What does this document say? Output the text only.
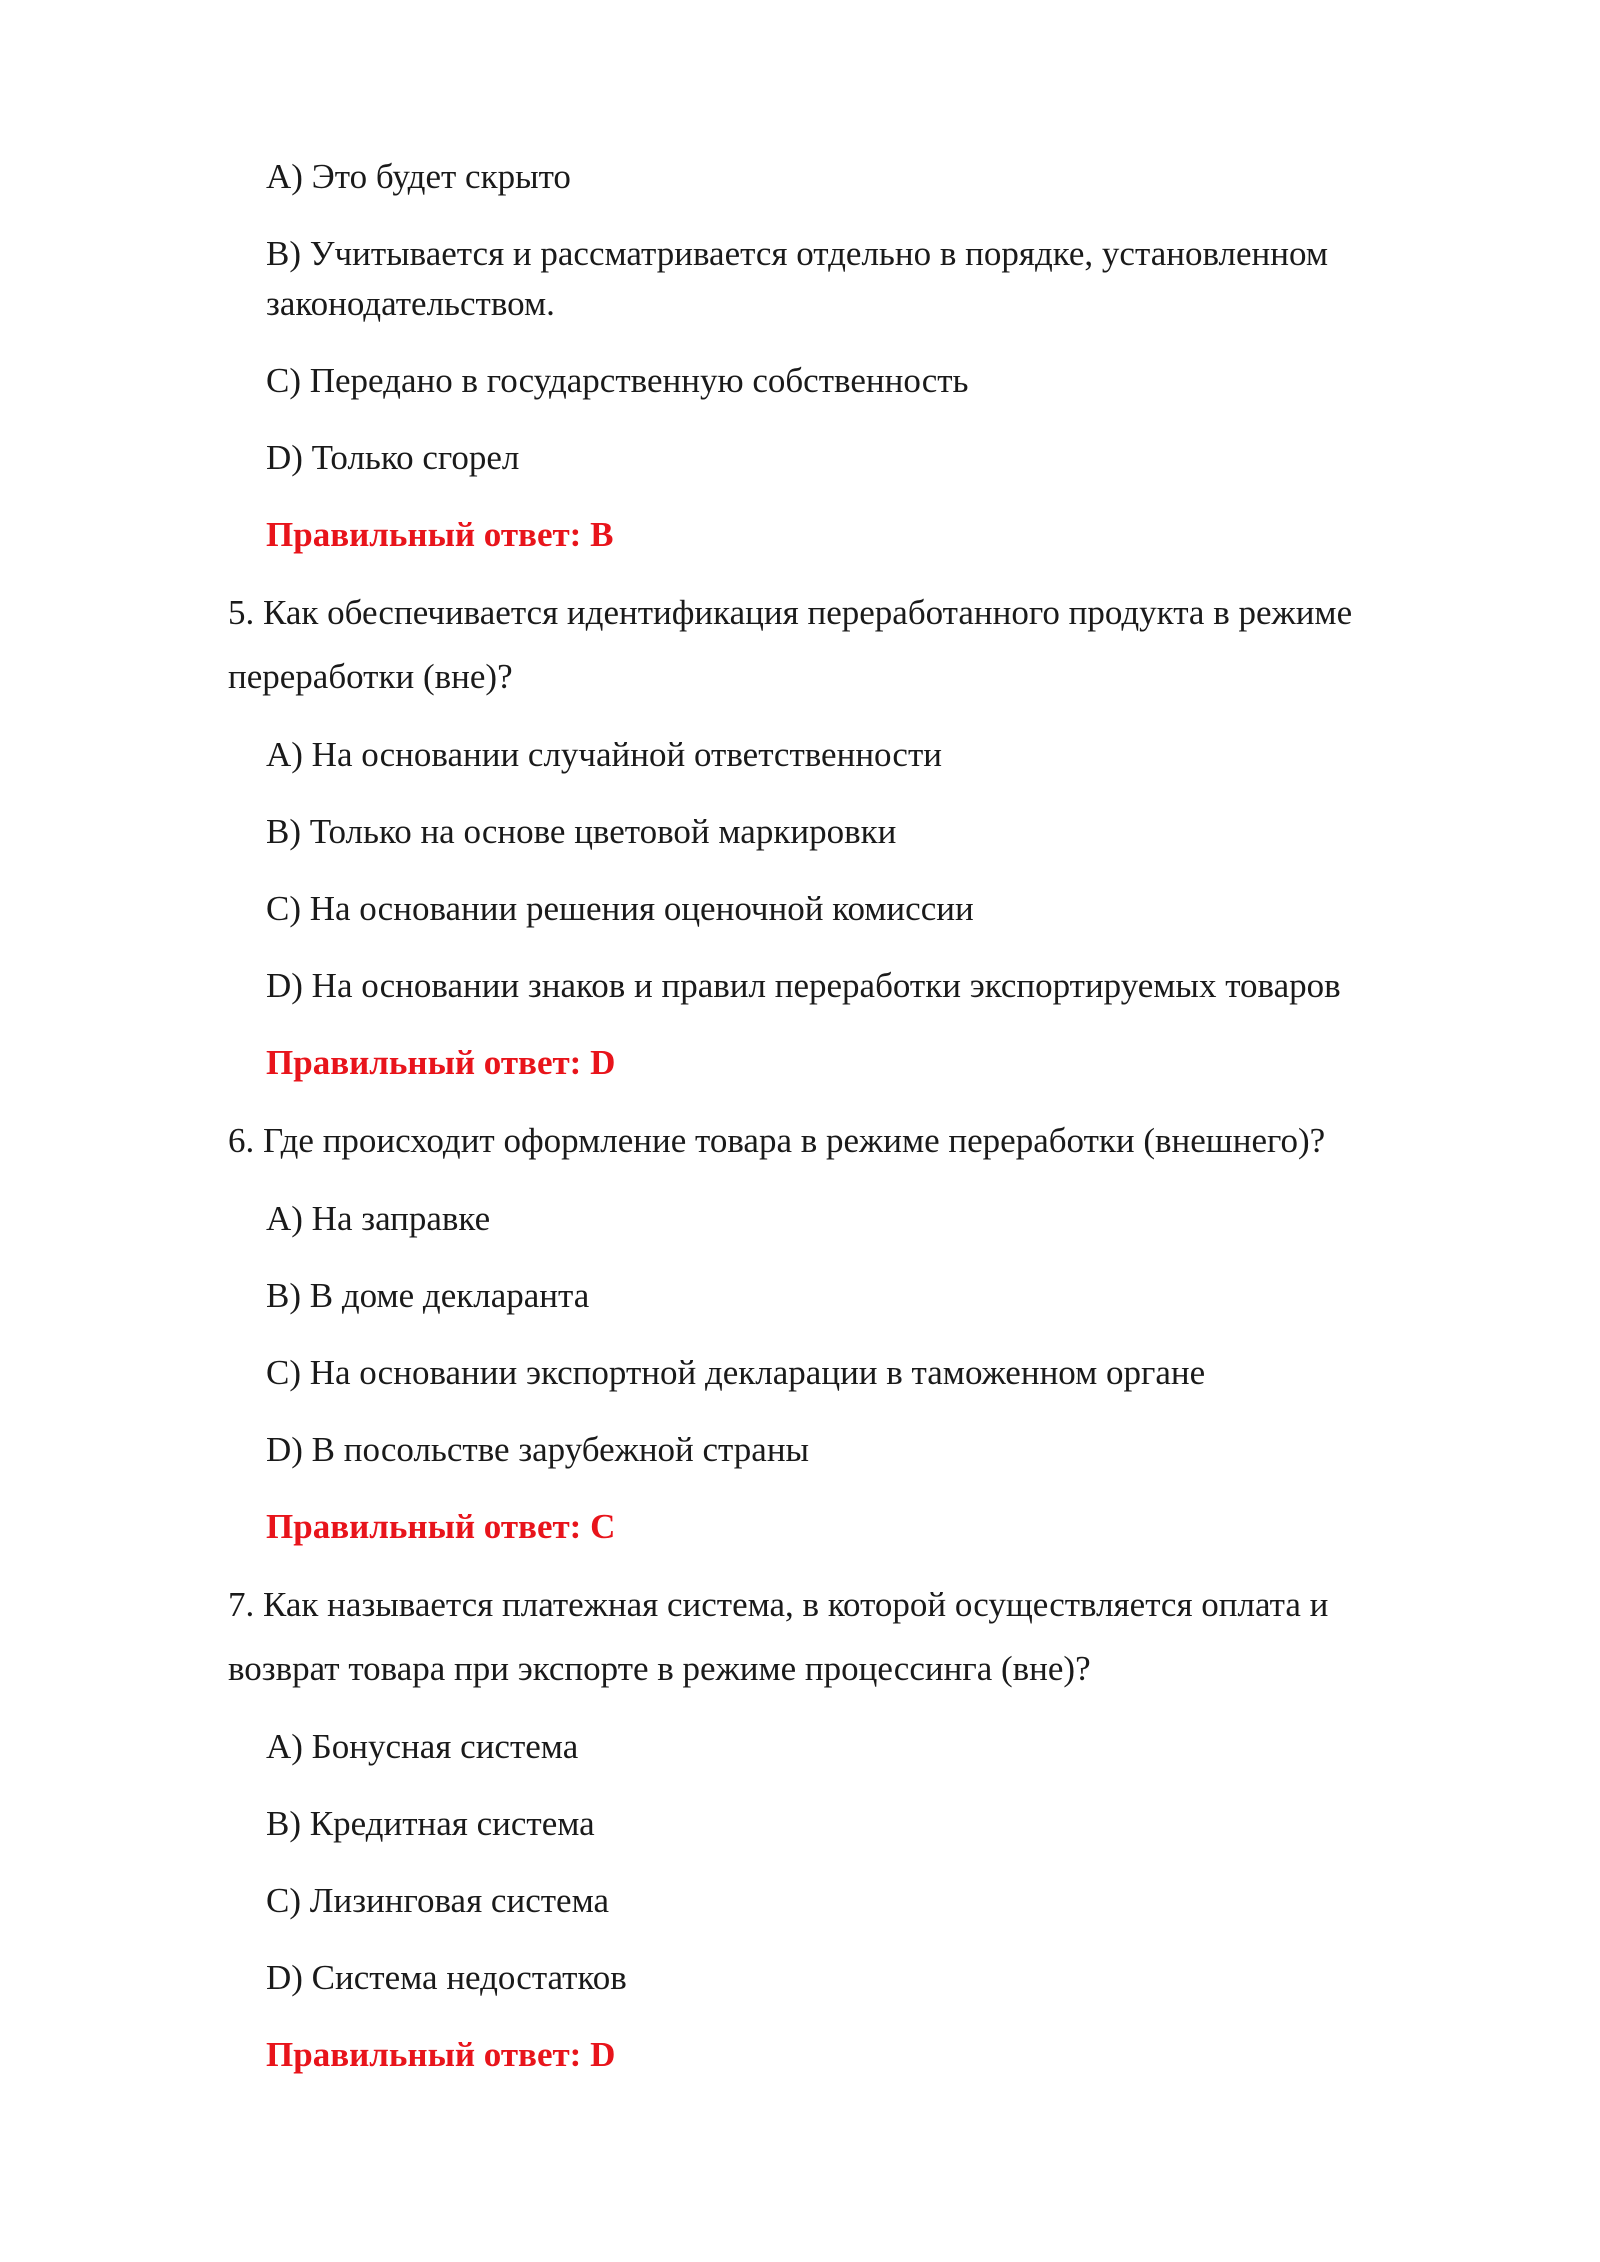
A) Это будет скрыто

B) Учитывается и рассматривается отдельно в порядке, установленном законодательством.

C) Передано в государственную собственность

D) Только сгорел

Правильный ответ: B

5. Как обеспечивается идентификация переработанного продукта в режиме переработки (вне)?

A) На основании случайной ответственности

B) Только на основе цветовой маркировки

C) На основании решения оценочной комиссии

D) На основании знаков и правил переработки экспортируемых товаров

Правильный ответ: D

6. Где происходит оформление товара в режиме переработки (внешнего)?

A) На заправке

B) В доме декларанта

C) На основании экспортной декларации в таможенном органе

D) В посольстве зарубежной страны

Правильный ответ: C

7. Как называется платежная система, в которой осуществляется оплата и возврат товара при экспорте в режиме процессинга (вне)?

A) Бонусная система

B) Кредитная система

C) Лизинговая система

D) Система недостатков

Правильный ответ: D
